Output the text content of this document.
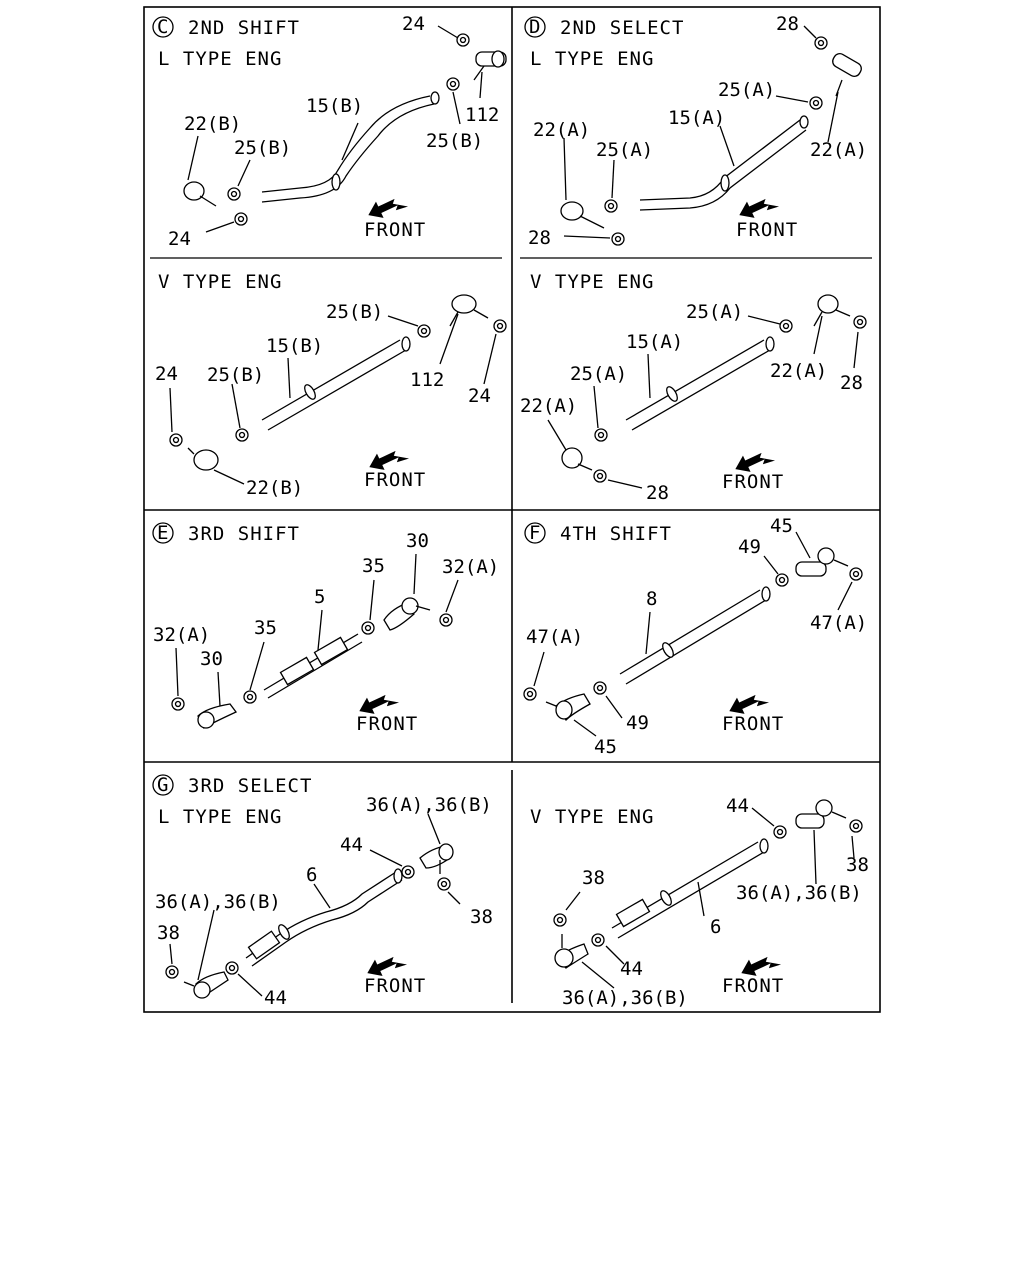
C 2ND SHIFT
L TYPE ENG
24
15(B)	112
25(B)
22(B)
25(B)
24	FRONT
V TYPE ENG
25(B)
15(B)
24 25(B)	112
24
22(B)	FRONT
D 2ND SELECT
L TYPE ENG
28
25(A)
15(A)
22(A)
22(A)
25(A)
28	FRONT
V TYPE ENG
25(A)
15(A)
25(A)	22(A)
28
22(A)
28	FRONT
E 3RD SHIFT	30
35	32(A)
5
32(A) 35
30
FRONT
F 4TH SHIFT	45
49
8
47(A)
47(A)
49
45
FRONT
G 3RD SELECT
L TYPE ENG
36(A),36(B)
44
6
38
36(A),36(B)
38
44
FRONT
V TYPE ENG	44
38
36(A),36(B)
38
6
44
36(A),36(B)
FRONT
